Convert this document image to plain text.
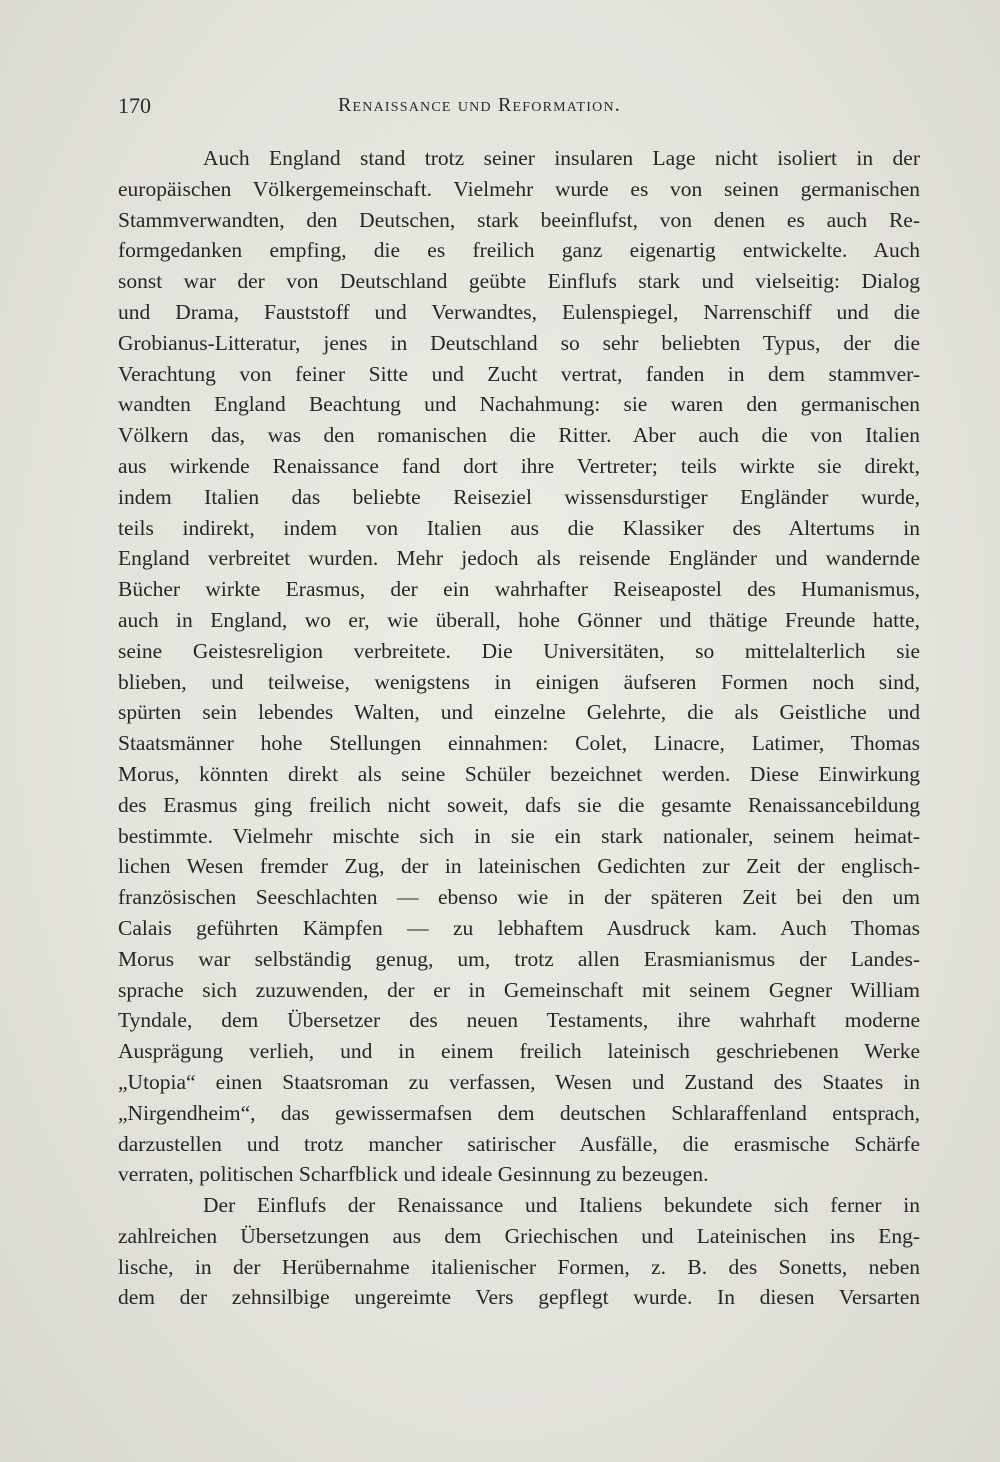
170	Renaissance und Reformation.
Auch England stand trotz seiner insularen Lage nicht isoliert in der
europäischen Völkergemeinschaft. Vielmehr wurde es von seinen germanischen
Stammverwandten, den Deutschen, stark beeinflufst, von denen es auch Re-
formgedanken empfing, die es freilich ganz eigenartig entwickelte. Auch
sonst war der von Deutschland geübte Einflufs stark und vielseitig: Dialog
und Drama, Fauststoff und Verwandtes, Eulenspiegel, Narrenschiff und die
Grobianus-Litteratur, jenes in Deutschland so sehr beliebten Typus, der die
Verachtung von feiner Sitte und Zucht vertrat, fanden in dem stammver-
wandten England Beachtung und Nachahmung: sie waren den germanischen
Völkern das, was den romanischen die Ritter. Aber auch die von Italien
aus wirkende Renaissance fand dort ihre Vertreter; teils wirkte sie direkt,
indem Italien das beliebte Reiseziel wissensdurstiger Engländer wurde,
teils indirekt, indem von Italien aus die Klassiker des Altertums in
England verbreitet wurden. Mehr jedoch als reisende Engländer und wandernde
Bücher wirkte Erasmus, der ein wahrhafter Reiseapostel des Humanismus,
auch in England, wo er, wie überall, hohe Gönner und thätige Freunde hatte,
seine Geistesreligion verbreitete. Die Universitäten, so mittelalterlich sie
blieben, und teilweise, wenigstens in einigen äufseren Formen noch sind,
spürten sein lebendes Walten, und einzelne Gelehrte, die als Geistliche und
Staatsmänner hohe Stellungen einnahmen: Colet, Linacre, Latimer, Thomas
Morus, könnten direkt als seine Schüler bezeichnet werden. Diese Einwirkung
des Erasmus ging freilich nicht soweit, dafs sie die gesamte Renaissancebildung
bestimmte. Vielmehr mischte sich in sie ein stark nationaler, seinem heimat-
lichen Wesen fremder Zug, der in lateinischen Gedichten zur Zeit der englisch-
französischen Seeschlachten — ebenso wie in der späteren Zeit bei den um
Calais geführten Kämpfen — zu lebhaftem Ausdruck kam. Auch Thomas
Morus war selbständig genug, um, trotz allen Erasmianismus der Landes-
sprache sich zuzuwenden, der er in Gemeinschaft mit seinem Gegner William
Tyndale, dem Übersetzer des neuen Testaments, ihre wahrhaft moderne
Ausprägung verlieh, und in einem freilich lateinisch geschriebenen Werke
„Utopia“ einen Staatsroman zu verfassen, Wesen und Zustand des Staates in
„Nirgendheim“, das gewissermafsen dem deutschen Schlaraffenland entsprach,
darzustellen und trotz mancher satirischer Ausfälle, die erasmische Schärfe
verraten, politischen Scharfblick und ideale Gesinnung zu bezeugen.
Der Einflufs der Renaissance und Italiens bekundete sich ferner in
zahlreichen Übersetzungen aus dem Griechischen und Lateinischen ins Eng-
lische, in der Herübernahme italienischer Formen, z. B. des Sonetts, neben
dem der zehnsilbige ungereimte Vers gepflegt wurde. In diesen Versarten
